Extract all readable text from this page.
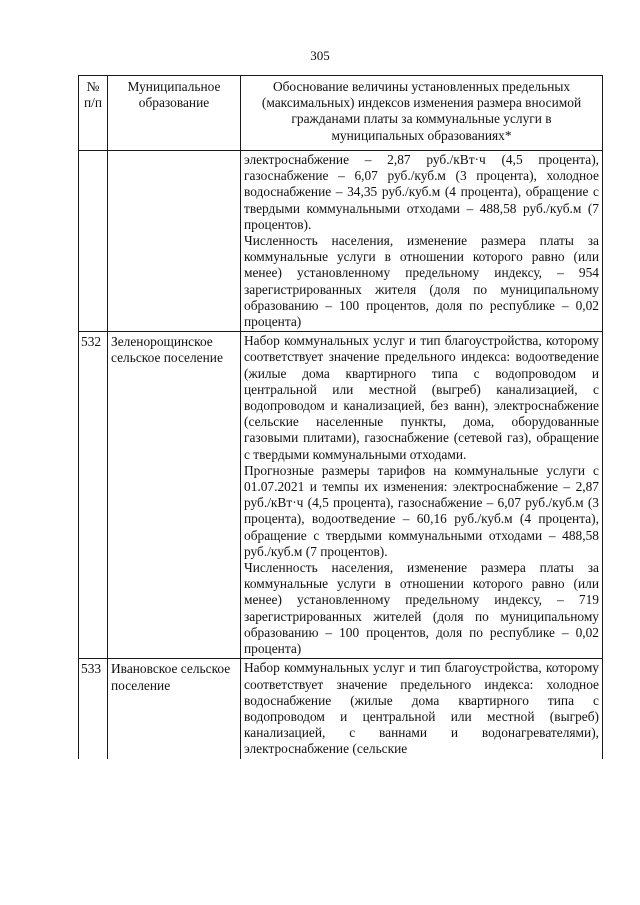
305
№ п/п	Муниципальное образование	Обоснование величины установленных предельных (максимальных) индексов изменения размера вносимой гражданами платы за коммунальные услуги в муниципальных образованиях*

		электроснабжение – 2,87 руб./кВт·ч (4,5 процента), газоснабжение – 6,07 руб./куб.м (3 процента), холодное водоснабжение – 34,35 руб./куб.м (4 процента), обращение с твердыми коммунальными отходами – 488,58 руб./куб.м (7 процентов).

Численность населения, изменение размера платы за коммунальные услуги в отношении которого равно (или менее) установленному предельному индексу, – 954 зарегистрированных жителя (доля по муниципальному образованию – 100 процентов, доля по республике – 0,02 процента)

532	Зеленорощинское сельское поселение	Набор коммунальных услуг и тип благоустройства, которому соответствует значение предельного индекса: водоотведение (жилые дома квартирного типа с водопроводом и центральной или местной (выгреб) канализацией, с водопроводом и канализацией, без ванн), электроснабжение (сельские населенные пункты, дома, оборудованные газовыми плитами), газоснабжение (сетевой газ), обращение с твердыми коммунальными отходами.

Прогнозные размеры тарифов на коммунальные услуги с 01.07.2021 и темпы их изменения: электроснабжение – 2,87 руб./кВт·ч (4,5 процента), газоснабжение – 6,07 руб./куб.м (3 процента), водоотведение – 60,16 руб./куб.м (4 процента), обращение с твердыми коммунальными отходами – 488,58 руб./куб.м (7 процентов).

Численность населения, изменение размера платы за коммунальные услуги в отношении которого равно (или менее) установленному предельному индексу, – 719 зарегистрированных жителей (доля по муниципальному образованию – 100 процентов, доля по республике – 0,02 процента)

533	Ивановское сельское поселение	Набор коммунальных услуг и тип благоустройства, которому соответствует значение предельного индекса: холодное водоснабжение (жилые дома квартирного типа с водопроводом и центральной или местной (выгреб) канализацией, с ваннами и водонагревателями), электроснабжение (сельские
